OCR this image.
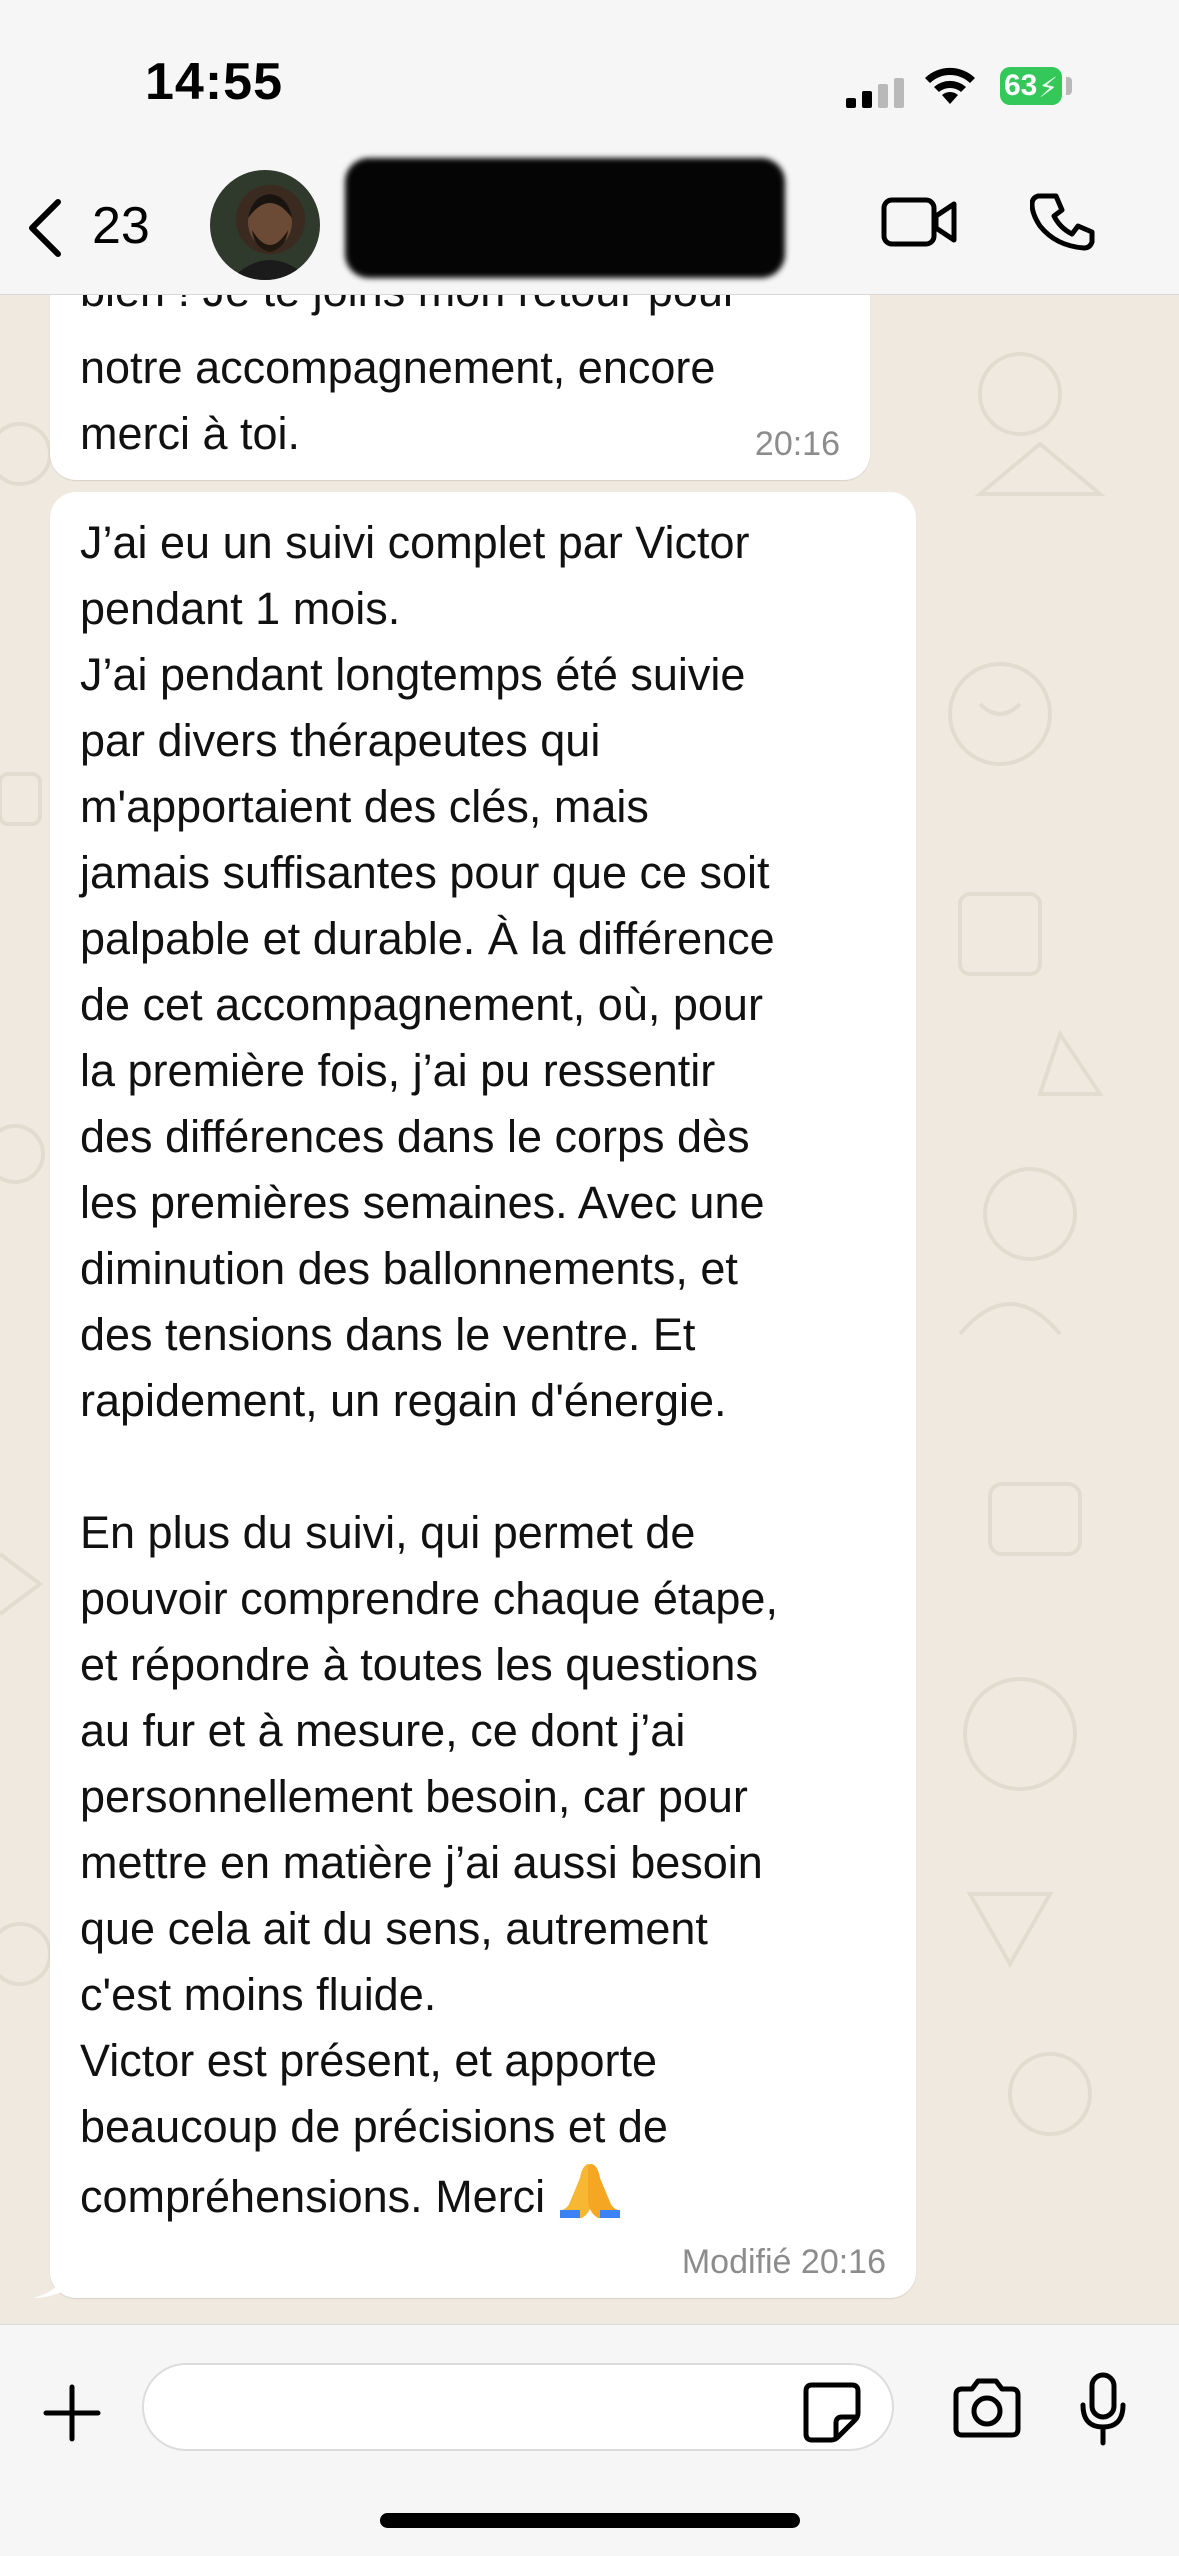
notre accompagnement, encore
merci à toi.	20:16
14:55	63 ⚡
23
J’ai eu un suivi complet par Victor
pendant 1 mois.
J’ai pendant longtemps été suivie
par divers thérapeutes qui
m'apportaient des clés, mais
jamais suffisantes pour que ce soit
palpable et durable. À la différence
de cet accompagnement, où, pour
la première fois, j’ai pu ressentir
des différences dans le corps dès
les premières semaines. Avec une
diminution des ballonnements, et
des tensions dans le ventre. Et
rapidement, un regain d'énergie.

En plus du suivi, qui permet de
pouvoir comprendre chaque étape,
et répondre à toutes les questions
au fur et à mesure, ce dont j’ai
personnellement besoin, car pour
mettre en matière j’ai aussi besoin
que cela ait du sens, autrement
c'est moins fluide.
Victor est présent, et apporte
beaucoup de précisions et de
compréhensions. Merci
Modifié 20:16
